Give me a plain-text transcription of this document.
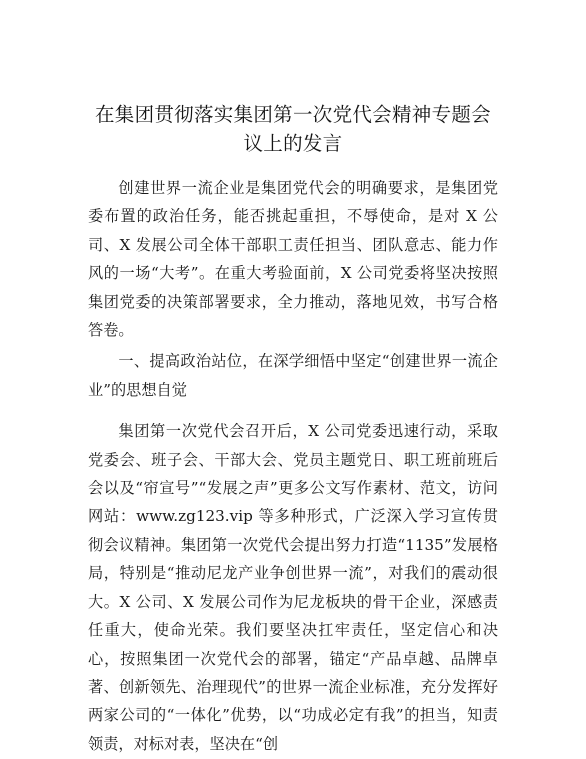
在集团贯彻落实集团第一次党代会精神专题会
议上的发言

创建世界一流企业是集团党代会的明确要求，是集团党委布置的政治任务，能否挑起重担，不辱使命，是对 X 公司、X 发展公司全体干部职工责任担当、团队意志、能力作风的一场“大考”。在重大考验面前，X 公司党委将坚决按照集团党委的决策部署要求，全力推动，落地见效，书写合格答卷。

一、提高政治站位，在深学细悟中坚定“创建世界一流企业”的思想自觉

集团第一次党代会召开后，X 公司党委迅速行动，采取党委会、班子会、干部大会、党员主题党日、职工班前班后会以及“帘宣号”“发展之声”更多公文写作素材、范文，访问网站：www.zg123.vip 等多种形式，广泛深入学习宣传贯彻会议精神。集团第一次党代会提出努力打造“1135”发展格局，特别是“推动尼龙产业争创世界一流”，对我们的震动很大。X 公司、X 发展公司作为尼龙板块的骨干企业，深感责任重大，使命光荣。我们要坚决扛牢责任，坚定信心和决心，按照集团一次党代会的部署，锚定“产品卓越、品牌卓著、创新领先、治理现代”的世界一流企业标准，充分发挥好两家公司的“一体化”优势，以“功成必定有我”的担当，知责领责，对标对表，坚决在“创
